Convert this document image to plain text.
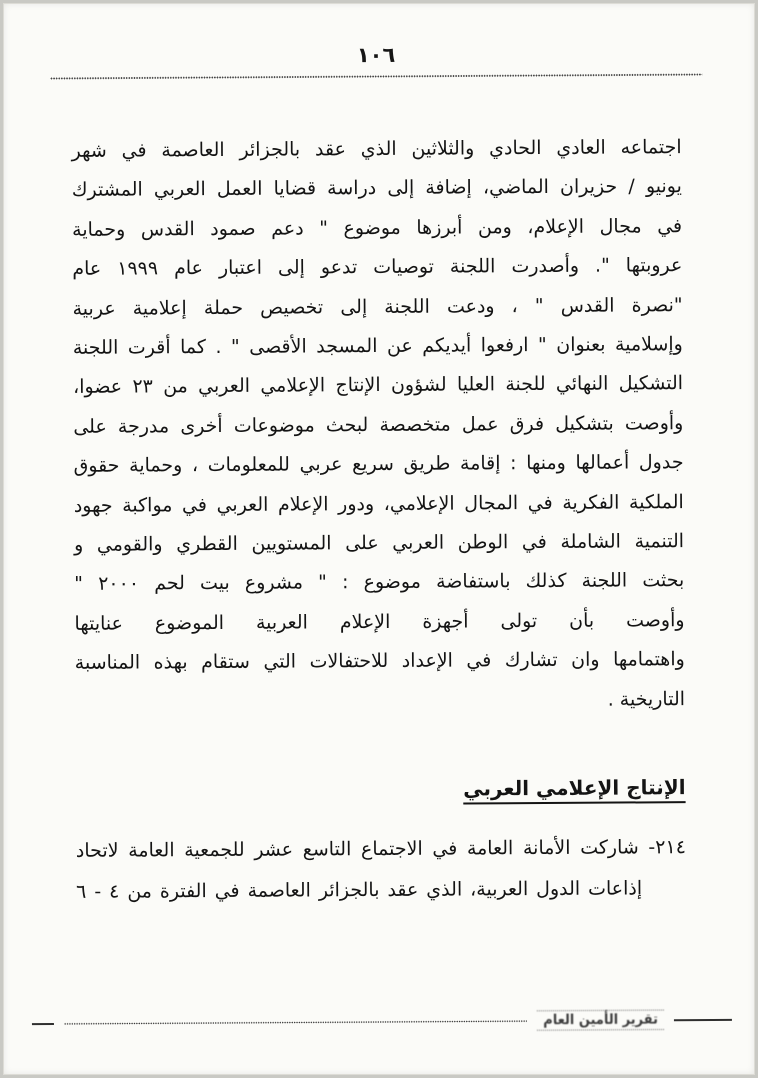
١٠٦
اجتماعه العادي الحادي والثلاثين الذي عقد بالجزائر العاصمة في شهر
يونيو / حزيران الماضي، إضافة إلى دراسة قضايا العمل العربي المشترك
في مجال الإعلام، ومن أبرزها موضوع " دعم صمود القدس وحماية
عروبتها ". وأصدرت اللجنة توصيات تدعو إلى اعتبار عام ١٩٩٩ عام
"نصرة القدس " ، ودعت اللجنة إلى تخصيص حملة إعلامية عربية
وإسلامية بعنوان " ارفعوا أيديكم عن المسجد الأقصى " . كما أقرت اللجنة
التشكيل النهائي للجنة العليا لشؤون الإنتاج الإعلامي العربي من ٢٣ عضوا،
وأوصت بتشكيل فرق عمل متخصصة لبحث موضوعات أخرى مدرجة على
جدول أعمالها ومنها : إقامة طريق سريع عربي للمعلومات ، وحماية حقوق
الملكية الفكرية في المجال الإعلامي، ودور الإعلام العربي في مواكبة جهود
التنمية الشاملة في الوطن العربي على المستويين القطري والقومي و
بحثت اللجنة كذلك باستفاضة موضوع : " مشروع بيت لحم ٢٠٠٠ "
وأوصت بأن تولى أجهزة الإعلام العربية الموضوع عنايتها
واهتمامها وان تشارك في الإعداد للاحتفالات التي ستقام بهذه المناسبة
التاريخية .
الإنتاج الإعلامي العربي
٢١٤- شاركت الأمانة العامة في الاجتماع التاسع عشر للجمعية العامة لاتحاد
إذاعات الدول العربية، الذي عقد بالجزائر العاصمة في الفترة من ٤ - ٦
تقرير الأمين العام
